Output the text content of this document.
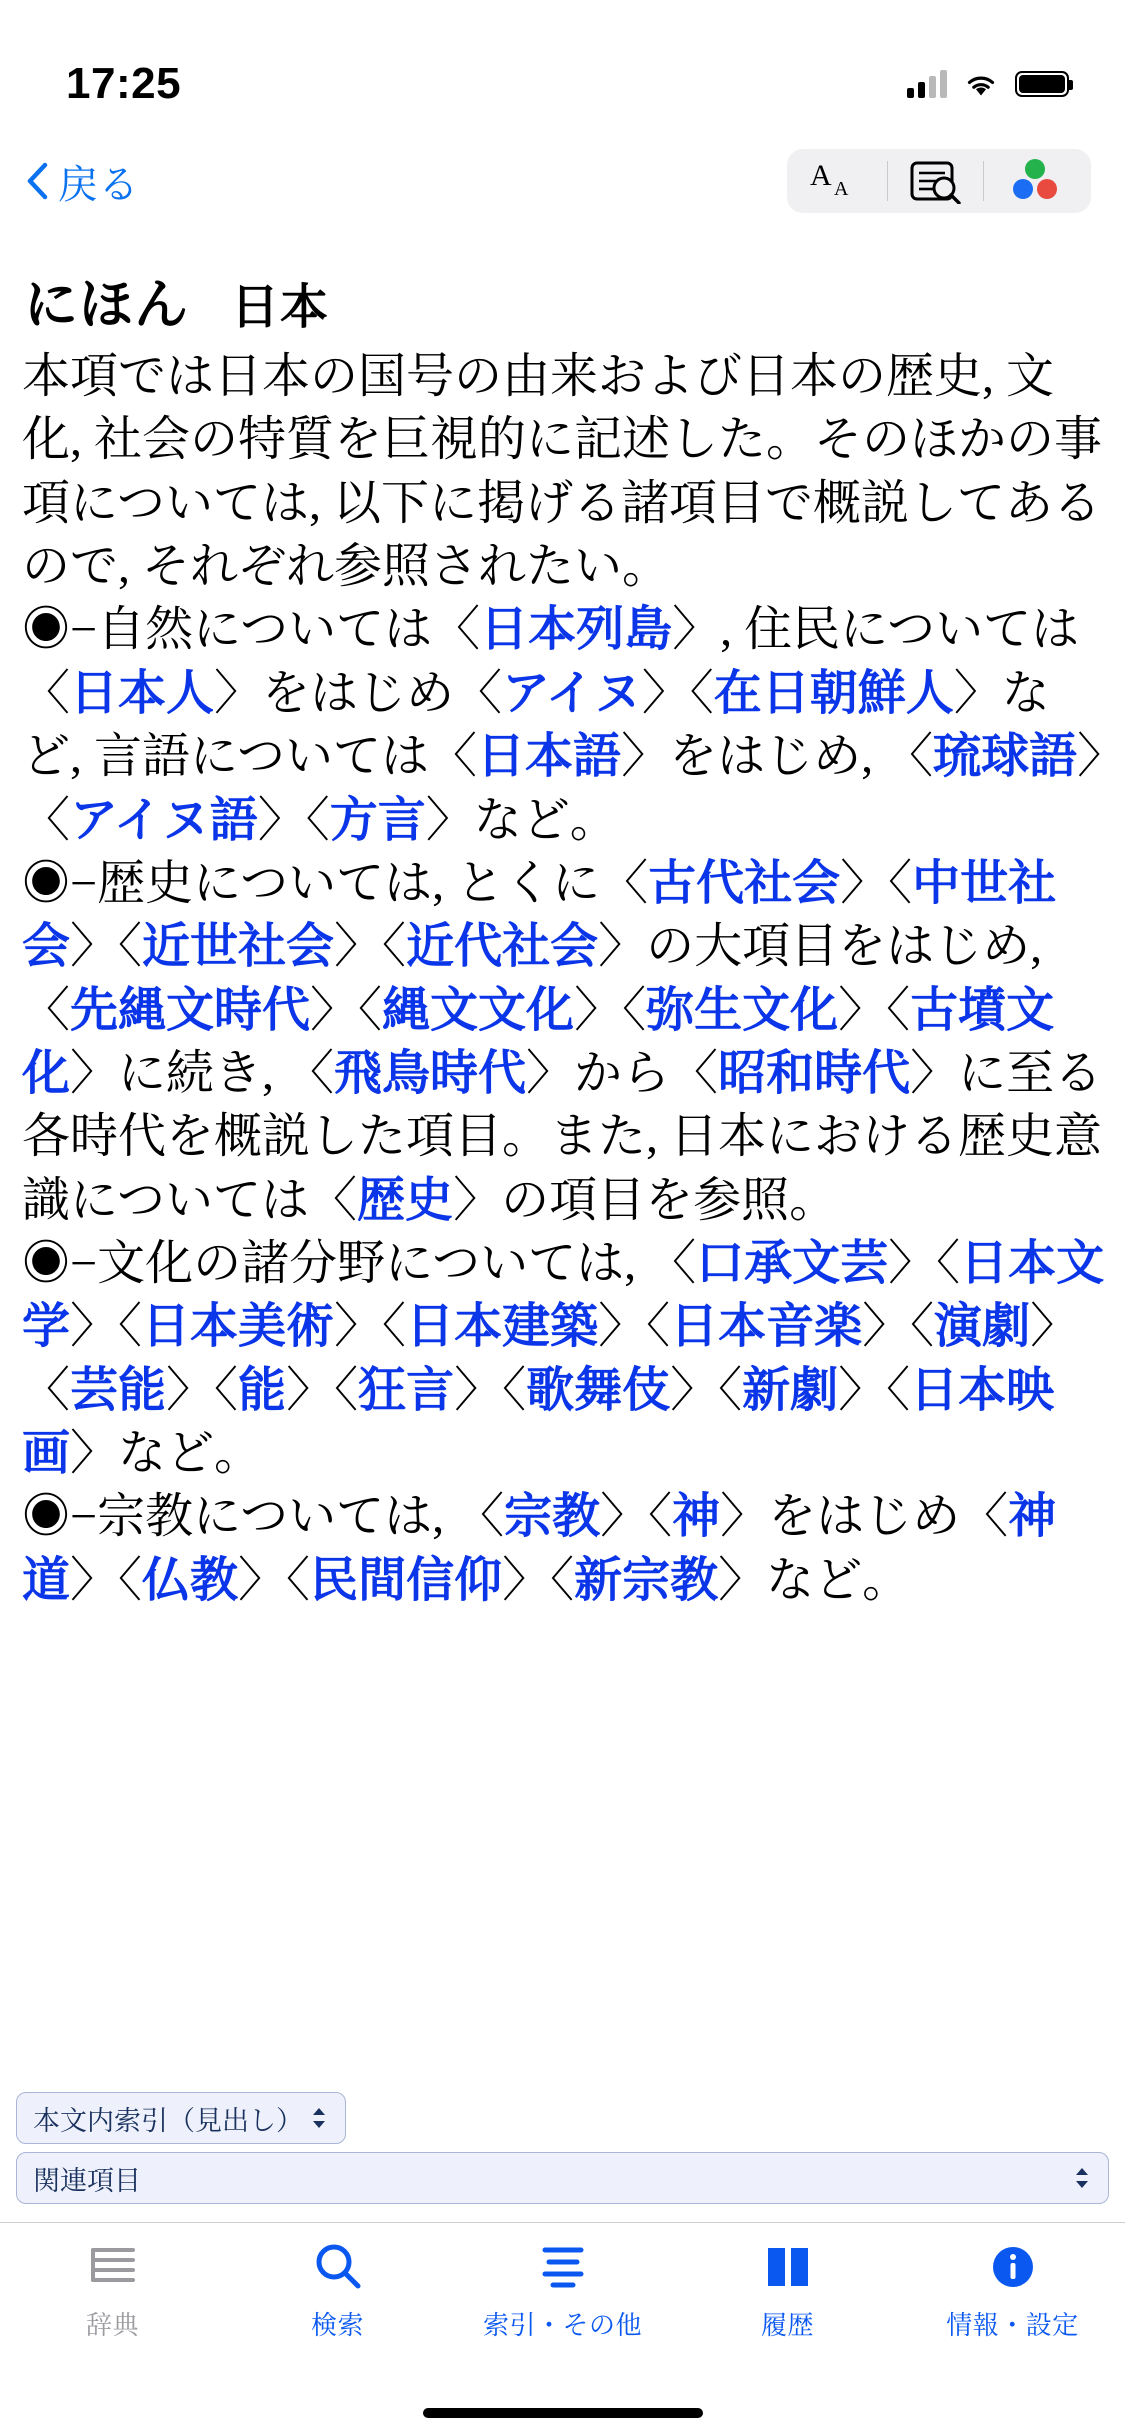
17:25
戻る	A A
にほん 日本

本項では日本の国号の由来および日本の歴史, 文化, 社会の特質を巨視的に記述した。そのほかの事項については, 以下に掲げる諸項目で概説してあるので, それぞれ参照されたい。

◉−自然については〈日本列島〉, 住民については〈日本人〉をはじめ〈アイヌ〉〈在日朝鮮人〉など, 言語については〈日本語〉をはじめ, 〈琉球語〉〈アイヌ語〉〈方言〉など。

◉−歴史については, とくに〈古代社会〉〈中世社会〉〈近世社会〉〈近代社会〉の大項目をはじめ, 〈先縄文時代〉〈縄文文化〉〈弥生文化〉〈古墳文化〉に続き, 〈飛鳥時代〉から〈昭和時代〉に至る各時代を概説した項目。また, 日本における歴史意識については〈歴史〉の項目を参照。

◉−文化の諸分野については, 〈口承文芸〉〈日本文学〉〈日本美術〉〈日本建築〉〈日本音楽〉〈演劇〉〈芸能〉〈能〉〈狂言〉〈歌舞伎〉〈新劇〉〈日本映画〉など。

◉−宗教については, 〈宗教〉〈神〉をはじめ〈神道〉〈仏教〉〈民間信仰〉〈新宗教〉など。

本文内索引（見出し）
関連項目
辞典	検索	索引・その他	履歴	情報・設定
